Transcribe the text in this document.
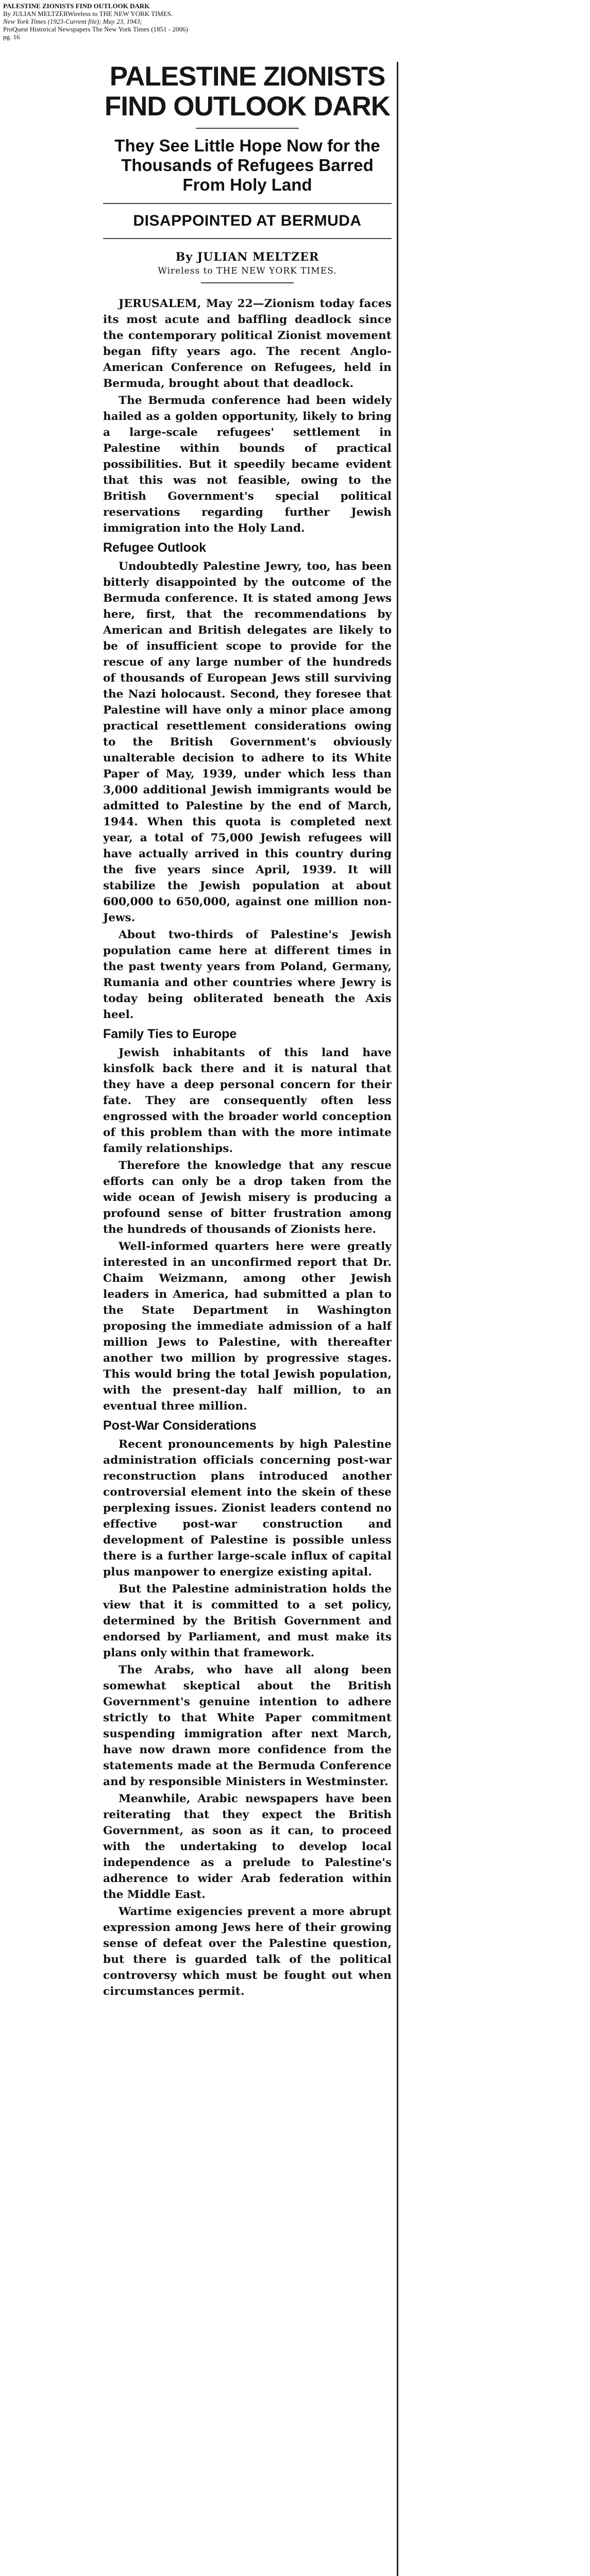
PALESTINE ZIONISTS FIND OUTLOOK DARK
By JULIAN MELTZERWireless to THE NEW YORK TIMES.
New York Times (1923-Current file); May 23, 1943;
ProQuest Historical Newspapers The New York Times (1851 - 2006)
pg. 16
PALESTINE ZIONISTS FIND OUTLOOK DARK
They See Little Hope Now for the Thousands of Refugees Barred From Holy Land
DISAPPOINTED AT BERMUDA
By JULIAN MELTZER
Wireless to THE NEW YORK TIMES.

JERUSALEM, May 22—Zionism today faces its most acute and baffling deadlock since the contemporary political Zionist movement began fifty years ago. The recent Anglo-American Conference on Refugees, held in Bermuda, brought about that deadlock.

The Bermuda conference had been widely hailed as a golden opportunity, likely to bring a large-scale refugees' settlement in Palestine within bounds of practical possibilities. But it speedily became evident that this was not feasible, owing to the British Government's special political reservations regarding further Jewish immigration into the Holy Land.

Refugee Outlook

Undoubtedly Palestine Jewry, too, has been bitterly disappointed by the outcome of the Bermuda conference. It is stated among Jews here, first, that the recommendations by American and British delegates are likely to be of insufficient scope to provide for the rescue of any large number of the hundreds of thousands of European Jews still surviving the Nazi holocaust. Second, they foresee that Palestine will have only a minor place among practical resettlement considerations owing to the British Government's obviously unalterable decision to adhere to its White Paper of May, 1939, under which less than 3,000 additional Jewish immigrants would be admitted to Palestine by the end of March, 1944. When this quota is completed next year, a total of 75,000 Jewish refugees will have actually arrived in this country during the five years since April, 1939. It will stabilize the Jewish population at about 600,000 to 650,000, against one million non-Jews.

About two-thirds of Palestine's Jewish population came here at different times in the past twenty years from Poland, Germany, Rumania and other countries where Jewry is today being obliterated beneath the Axis heel.

Family Ties to Europe

Jewish inhabitants of this land have kinsfolk back there and it is natural that they have a deep personal concern for their fate. They are consequently often less engrossed with the broader world conception of this problem than with the more intimate family relationships.

Therefore the knowledge that any rescue efforts can only be a drop taken from the wide ocean of Jewish misery is producing a profound sense of bitter frustration among the hundreds of thousands of Zionists here.

Well-informed quarters here were greatly interested in an unconfirmed report that Dr. Chaim Weizmann, among other Jewish leaders in America, had submitted a plan to the State Department in Washington proposing the immediate admission of a half million Jews to Palestine, with thereafter another two million by progressive stages. This would bring the total Jewish population, with the present-day half million, to an eventual three million.

Post-War Considerations

Recent pronouncements by high Palestine administration officials concerning post-war reconstruction plans introduced another controversial element into the skein of these perplexing issues. Zionist leaders contend no effective post-war construction and development of Palestine is possible unless there is a further large-scale influx of capital plus manpower to energize existing apital.

But the Palestine administration holds the view that it is committed to a set policy, determined by the British Government and endorsed by Parliament, and must make its plans only within that framework.

The Arabs, who have all along been somewhat skeptical about the British Government's genuine intention to adhere strictly to that White Paper commitment suspending immigration after next March, have now drawn more confidence from the statements made at the Bermuda Conference and by responsible Ministers in Westminster.

Meanwhile, Arabic newspapers have been reiterating that they expect the British Government, as soon as it can, to proceed with the undertaking to develop local independence as a prelude to Palestine's adherence to wider Arab federation within the Middle East.

Wartime exigencies prevent a more abrupt expression among Jews here of their growing sense of defeat over the Palestine question, but there is guarded talk of the political controversy which must be fought out when circumstances permit.
